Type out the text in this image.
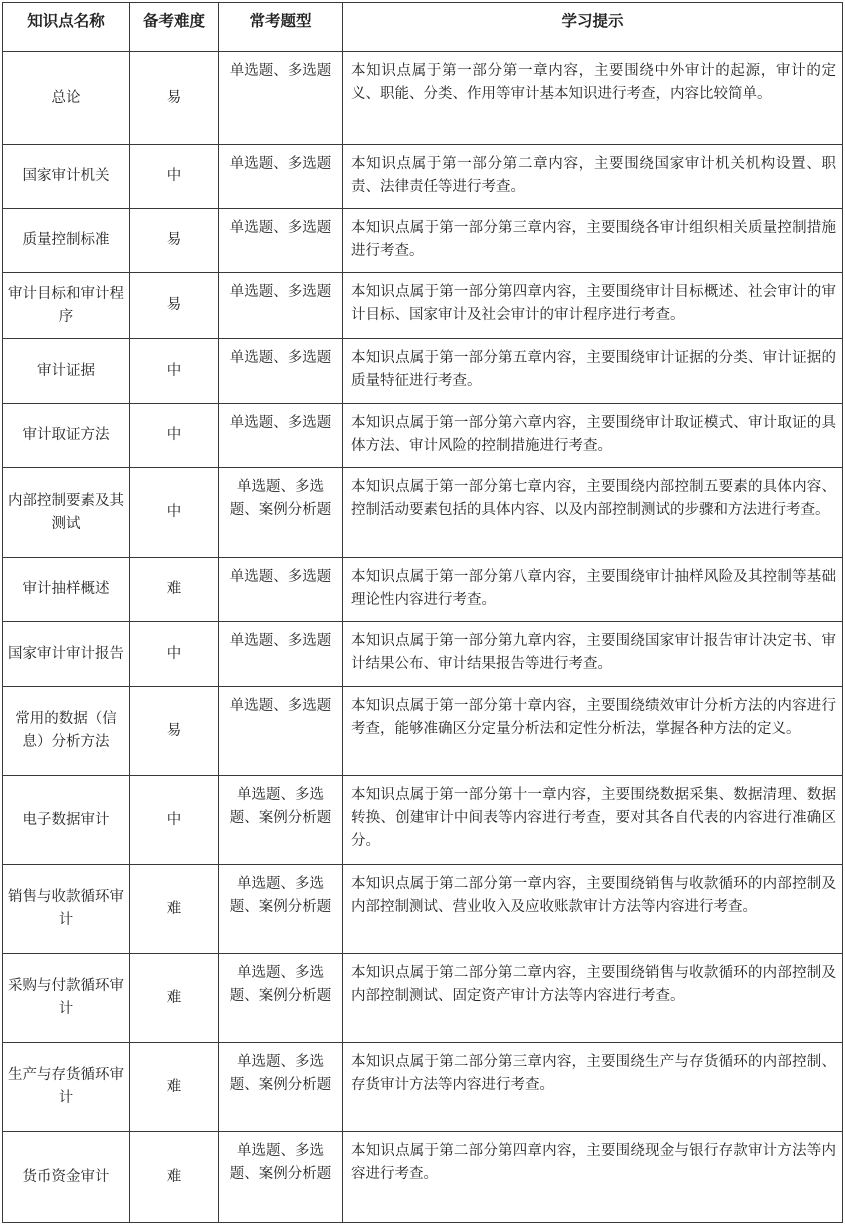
知识点名称	备考难度	常考题型	学习提示
总论	易	单选题、多选题	本知识点属于第一部分第一章内容，主要围绕中外审计的起源，审计的定义、职能、分类、作用等审计基本知识进行考查，内容比较简单。
国家审计机关	中	单选题、多选题	本知识点属于第一部分第二章内容，主要围绕国家审计机关机构设置、职责、法律责任等进行考查。
质量控制标准	易	单选题、多选题	本知识点属于第一部分第三章内容，主要围绕各审计组织相关质量控制措施进行考查。
审计目标和审计程序	易	单选题、多选题	本知识点属于第一部分第四章内容，主要围绕审计目标概述、社会审计的审计目标、国家审计及社会审计的审计程序进行考查。
审计证据	中	单选题、多选题	本知识点属于第一部分第五章内容，主要围绕审计证据的分类、审计证据的质量特征进行考查。
审计取证方法	中	单选题、多选题	本知识点属于第一部分第六章内容，主要围绕审计取证模式、审计取证的具体方法、审计风险的控制措施进行考查。
内部控制要素及其测试	中	单选题、多选题、案例分析题	本知识点属于第一部分第七章内容，主要围绕内部控制五要素的具体内容、控制活动要素包括的具体内容、以及内部控制测试的步骤和方法进行考查。
审计抽样概述	难	单选题、多选题	本知识点属于第一部分第八章内容，主要围绕审计抽样风险及其控制等基础理论性内容进行考查。
国家审计审计报告	中	单选题、多选题	本知识点属于第一部分第九章内容，主要围绕国家审计报告审计决定书、审计结果公布、审计结果报告等进行考查。
常用的数据（信息）分析方法	易	单选题、多选题	本知识点属于第一部分第十章内容，主要围绕绩效审计分析方法的内容进行考查，能够准确区分定量分析法和定性分析法，掌握各种方法的定义。
电子数据审计	中	单选题、多选题、案例分析题	本知识点属于第一部分第十一章内容，主要围绕数据采集、数据清理、数据转换、创建审计中间表等内容进行考查，要对其各自代表的内容进行准确区分。
销售与收款循环审计	难	单选题、多选题、案例分析题	本知识点属于第二部分第一章内容，主要围绕销售与收款循环的内部控制及内部控制测试、营业收入及应收账款审计方法等内容进行考查。
采购与付款循环审计	难	单选题、多选题、案例分析题	本知识点属于第二部分第二章内容，主要围绕销售与收款循环的内部控制及内部控制测试、固定资产审计方法等内容进行考查。
生产与存货循环审计	难	单选题、多选题、案例分析题	本知识点属于第二部分第三章内容，主要围绕生产与存货循环的内部控制、存货审计方法等内容进行考查。
货币资金审计	难	单选题、多选题、案例分析题	本知识点属于第二部分第四章内容，主要围绕现金与银行存款审计方法等内容进行考查。
